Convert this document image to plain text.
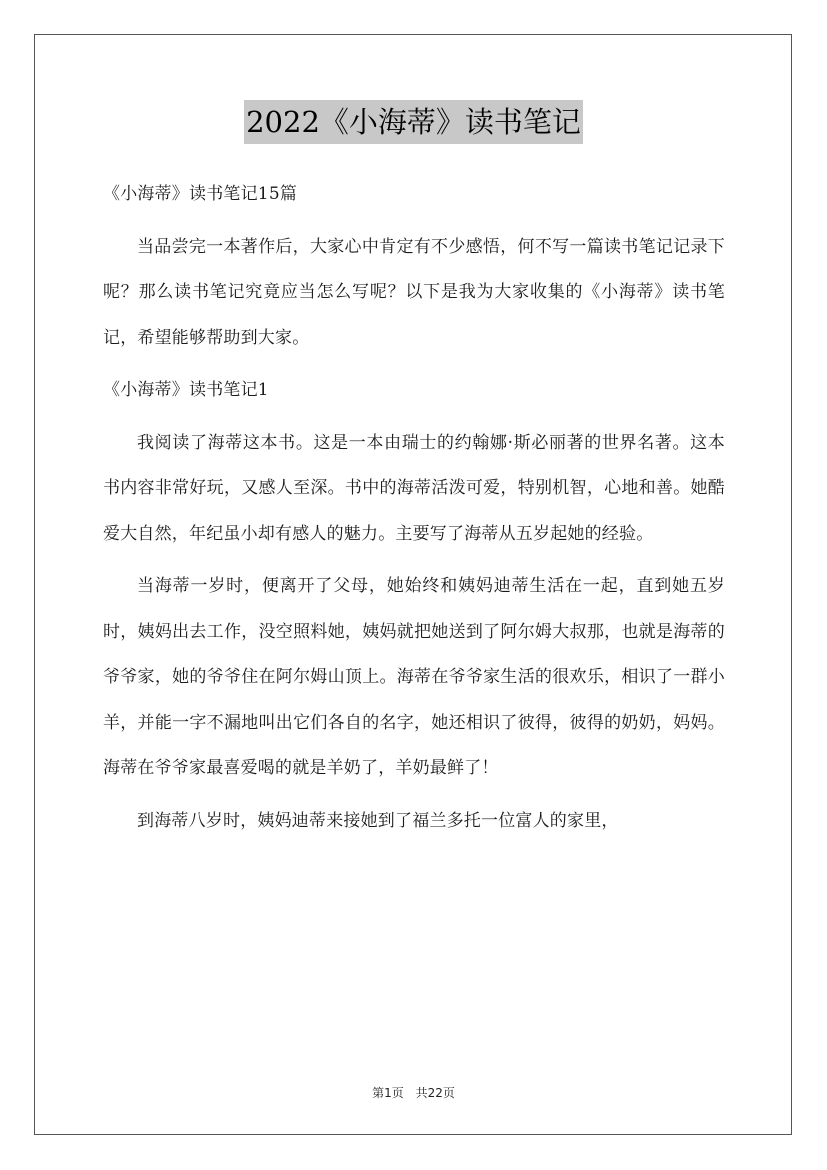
2022《小海蒂》读书笔记

《小海蒂》读书笔记15篇

当品尝完一本著作后，大家心中肯定有不少感悟，何不写一篇读书笔记记录下呢？那么读书笔记究竟应当怎么写呢？以下是我为大家收集的《小海蒂》读书笔记，希望能够帮助到大家。

《小海蒂》读书笔记1

我阅读了海蒂这本书。这是一本由瑞士的约翰娜·斯必丽著的世界名著。这本书内容非常好玩，又感人至深。书中的海蒂活泼可爱，特别机智，心地和善。她酷爱大自然，年纪虽小却有感人的魅力。主要写了海蒂从五岁起她的经验。

当海蒂一岁时，便离开了父母，她始终和姨妈迪蒂生活在一起，直到她五岁时，姨妈出去工作，没空照料她，姨妈就把她送到了阿尔姆大叔那，也就是海蒂的爷爷家，她的爷爷住在阿尔姆山顶上。海蒂在爷爷家生活的很欢乐，相识了一群小羊，并能一字不漏地叫出它们各自的名字，她还相识了彼得，彼得的奶奶，妈妈。海蒂在爷爷家最喜爱喝的就是羊奶了，羊奶最鲜了！

到海蒂八岁时，姨妈迪蒂来接她到了福兰多托一位富人的家里，

第1页 共22页
